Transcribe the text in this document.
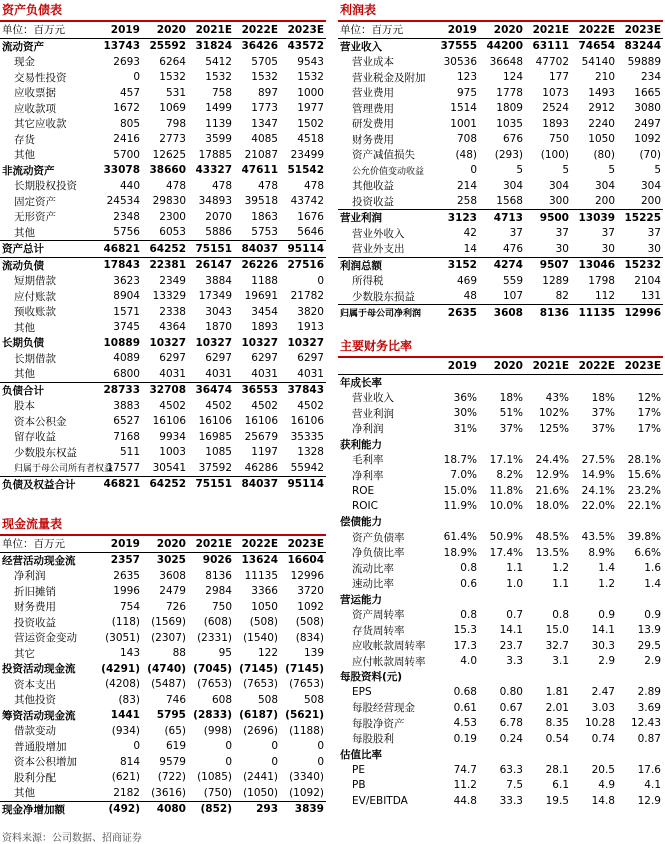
资产负债表
单位：百万元	2019	2020	2021E	2022E	2023E
流动资产	13743	25592	31824	36426	43572
现金	2693	6264	5412	5705	9543
交易性投资	0	1532	1532	1532	1532
应收票据	457	531	758	897	1000
应收款项	1672	1069	1499	1773	1977
其它应收款	805	798	1139	1347	1502
存货	2416	2773	3599	4085	4518
其他	5700	12625	17885	21087	23499
非流动资产	33078	38660	43327	47611	51542
长期股权投资	440	478	478	478	478
固定资产	24534	29830	34893	39518	43742
无形资产	2348	2300	2070	1863	1676
其他	5756	6053	5886	5753	5646
资产总计	46821	64252	75151	84037	95114
流动负债	17843	22381	26147	26226	27516
短期借款	3623	2349	3884	1188	0
应付账款	8904	13329	17349	19691	21782
预收账款	1571	2338	3043	3454	3820
其他	3745	4364	1870	1893	1913
长期负债	10889	10327	10327	10327	10327
长期借款	4089	6297	6297	6297	6297
其他	6800	4031	4031	4031	4031
负债合计	28733	32708	36474	36553	37843
股本	3883	4502	4502	4502	4502
资本公积金	6527	16106	16106	16106	16106
留存收益	7168	9934	16985	25679	35335
少数股东权益	511	1003	1085	1197	1328
归属于母公司所有者权益	17577	30541	37592	46286	55942
负债及权益合计	46821	64252	75151	84037	95114
现金流量表
单位：百万元	2019	2020	2021E	2022E	2023E
经营活动现金流	2357	3025	9026	13624	16604
净利润	2635	3608	8136	11135	12996
折旧摊销	1996	2479	2984	3366	3720
财务费用	754	726	750	1050	1092
投资收益	(118)	(1569)	(608)	(508)	(508)
营运资金变动	(3051)	(2307)	(2331)	(1540)	(834)
其它	143	88	95	122	139
投资活动现金流	(4291)	(4740)	(7045)	(7145)	(7145)
资本支出	(4208)	(5487)	(7653)	(7653)	(7653)
其他投资	(83)	746	608	508	508
筹资活动现金流	1441	5795	(2833)	(6187)	(5621)
借款变动	(934)	(65)	(998)	(2696)	(1188)
普通股增加	0	619	0	0	0
资本公积增加	814	9579	0	0	0
股利分配	(621)	(722)	(1085)	(2441)	(3340)
其他	2182	(3616)	(750)	(1050)	(1092)
现金净增加额	(492)	4080	(852)	293	3839
利润表
单位：百万元	2019	2020	2021E	2022E	2023E
营业收入	37555	44200	63111	74654	83244
营业成本	30536	36648	47702	54140	59889
营业税金及附加	123	124	177	210	234
营业费用	975	1778	1073	1493	1665
管理费用	1514	1809	2524	2912	3080
研发费用	1001	1035	1893	2240	2497
财务费用	708	676	750	1050	1092
资产减值损失	(48)	(293)	(100)	(80)	(70)
公允价值变动收益	0	5	5	5	5
其他收益	214	304	304	304	304
投资收益	258	1568	300	200	200
营业利润	3123	4713	9500	13039	15225
营业外收入	42	37	37	37	37
营业外支出	14	476	30	30	30
利润总额	3152	4274	9507	13046	15232
所得税	469	559	1289	1798	2104
少数股东损益	48	107	82	112	131
归属于母公司净利润	2635	3608	8136	11135	12996
主要财务比率
	2019	2020	2021E	2022E	2023E
年成长率					
营业收入	36%	18%	43%	18%	12%
营业利润	30%	51%	102%	37%	17%
净利润	31%	37%	125%	37%	17%
获利能力					
毛利率	18.7%	17.1%	24.4%	27.5%	28.1%
净利率	7.0%	8.2%	12.9%	14.9%	15.6%
ROE	15.0%	11.8%	21.6%	24.1%	23.2%
ROIC	11.9%	10.0%	18.0%	22.0%	22.1%
偿债能力					
资产负债率	61.4%	50.9%	48.5%	43.5%	39.8%
净负债比率	18.9%	17.4%	13.5%	8.9%	6.6%
流动比率	0.8	1.1	1.2	1.4	1.6
速动比率	0.6	1.0	1.1	1.2	1.4
营运能力					
资产周转率	0.8	0.7	0.8	0.9	0.9
存货周转率	15.3	14.1	15.0	14.1	13.9
应收帐款周转率	17.3	23.7	32.7	30.3	29.5
应付帐款周转率	4.0	3.3	3.1	2.9	2.9
每股资料(元)					
EPS	0.68	0.80	1.81	2.47	2.89
每股经营现金	0.61	0.67	2.01	3.03	3.69
每股净资产	4.53	6.78	8.35	10.28	12.43
每股股利	0.19	0.24	0.54	0.74	0.87
估值比率					
PE	74.7	63.3	28.1	20.5	17.6
PB	11.2	7.5	6.1	4.9	4.1
EV/EBITDA	44.8	33.3	19.5	14.8	12.9
资料来源：公司数据、招商证券
